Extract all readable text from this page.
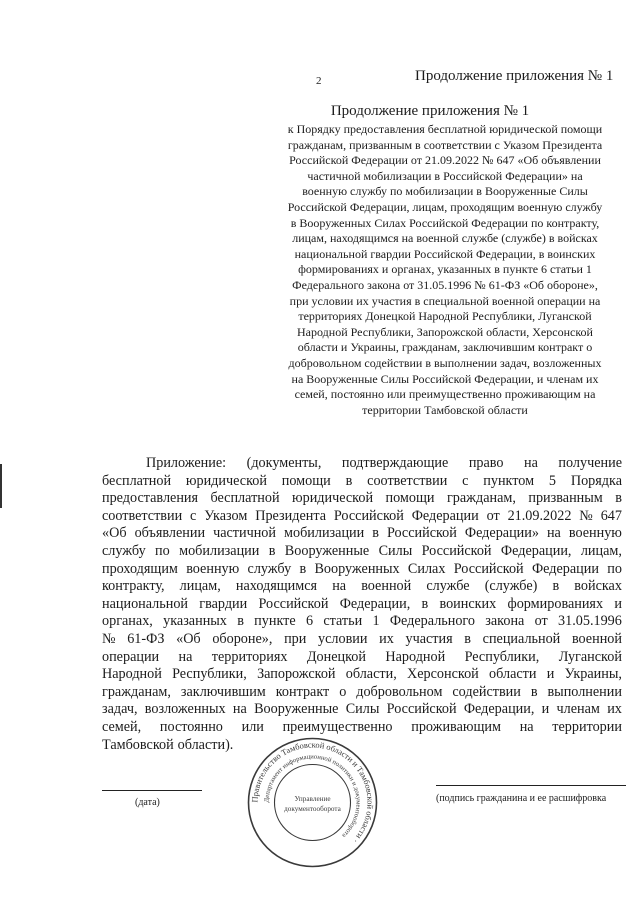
2	Продолжение приложения № 1
Продолжение приложения № 1
к Порядку предоставления бесплатной юридической помощи
гражданам, призванным в соответствии с Указом Президента
Российской Федерации от 21.09.2022 № 647 «Об объявлении
частичной мобилизации в Российской Федерации» на
военную службу по мобилизации в Вооруженные Силы
Российской Федерации, лицам, проходящим военную службу
в Вооруженных Силах Российской Федерации по контракту,
лицам, находящимся на военной службе (службе) в войсках
национальной гвардии Российской Федерации, в воинских
формированиях и органах, указанных в пункте 6 статьи 1
Федерального закона от 31.05.1996 № 61-ФЗ «Об обороне»,
при условии их участия в специальной военной операции на
территориях Донецкой Народной Республики, Луганской
Народной Республики, Запорожской области, Херсонской
области и Украины, гражданам, заключившим контракт о
добровольном содействии в выполнении задач, возложенных
на Вооруженные Силы Российской Федерации, и членам их
семей, постоянно или преимущественно проживающим на
территории Тамбовской области
Приложение: (документы, подтверждающие право на получение
бесплатной юридической помощи в соответствии с пунктом 5 Порядка
предоставления бесплатной юридической помощи гражданам, призванным в
соответствии с Указом Президента Российской Федерации от 21.09.2022 № 647
«Об объявлении частичной мобилизации в Российской Федерации» на военную
службу по мобилизации в Вооруженные Силы Российской Федерации, лицам,
проходящим военную службу в Вооруженных Силах Российской Федерации по
контракту, лицам, находящимся на военной службе (службе) в войсках
национальной гвардии Российской Федерации, в воинских формированиях и
органах, указанных в пункте 6 статьи 1 Федерального закона от 31.05.1996
№ 61-ФЗ «Об обороне», при условии их участия в специальной военной
операции на территориях Донецкой Народной Республики, Луганской
Народной Республики, Запорожской области, Херсонской области и Украины,
гражданам, заключившим контракт о добровольном содействии в выполнении
задач, возложенных на Вооруженные Силы Российской Федерации, и членам их
семей, постоянно или преимущественно проживающим на территории
Тамбовской области).
(дата)	(подпись гражданина и ее расшифровка
Правительство Тамбовской области и Тамбовской области ·
Департамент информационной политики и документооборота
Управление
документооборота
